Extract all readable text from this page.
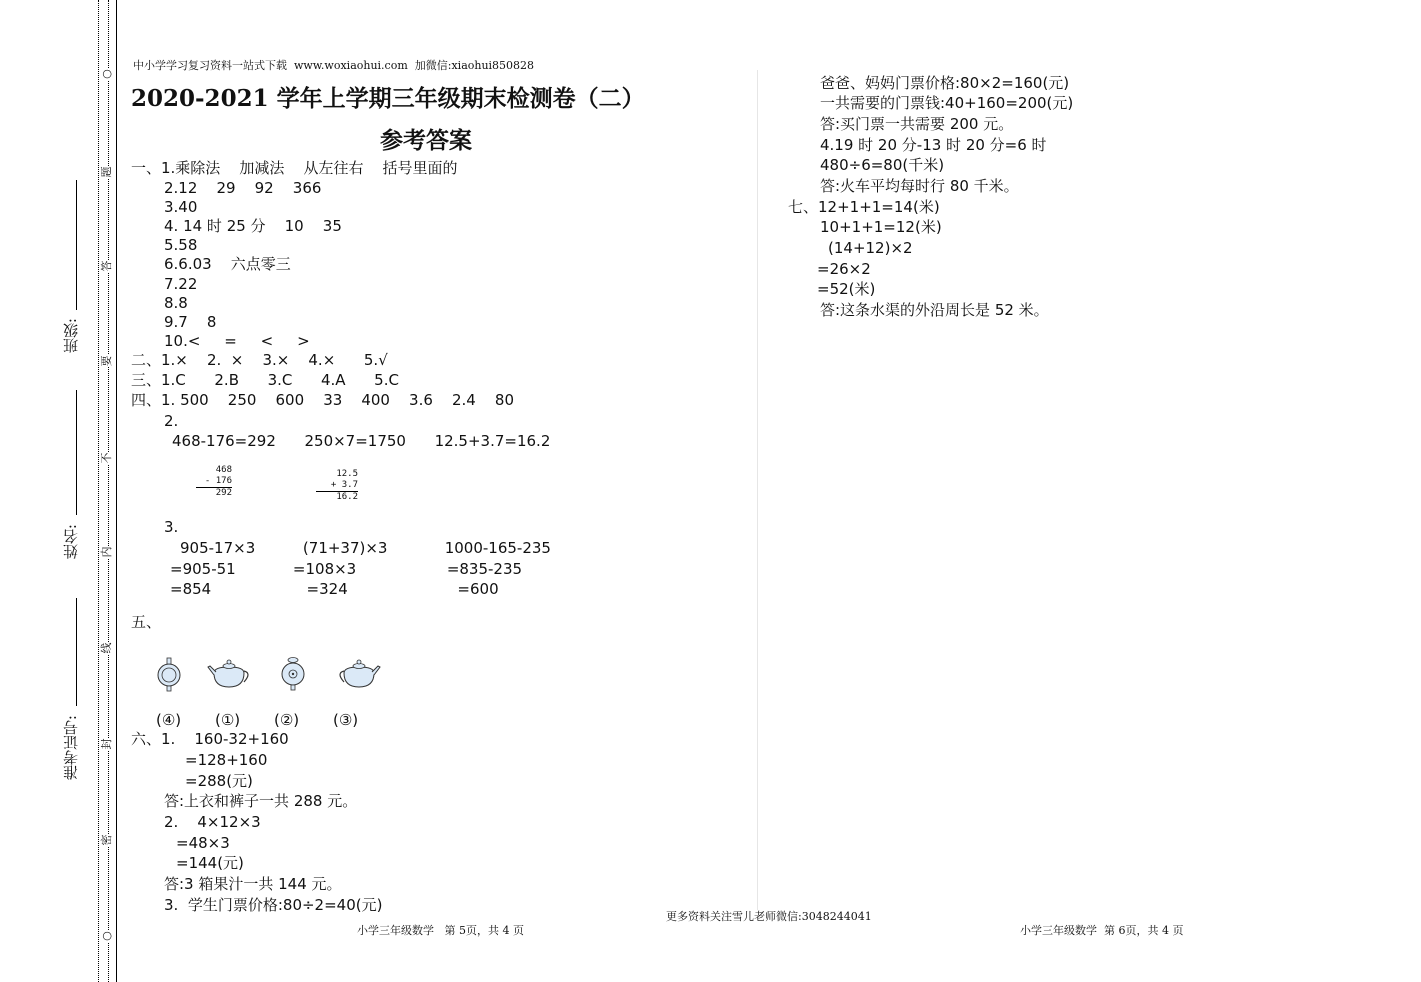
班级:
姓名:
准考证号:
○
题
答
要
不
内
线
封
密
○
中小学学习复习资料一站式下载  www.woxiaohui.com  加微信:xiaohui850828
2020-2021 学年上学期三年级期末检测卷（二）
参考答案
一、1.乘除法    加减法    从左往右    括号里面的
2.12    29    92    366
3.40
4. 14 时 25 分    10    35
5.58
6.6.03    六点零三
7.22
8.8
9.7    8
10.<     =     <     >
二、1.×    2.  ×    3.×    4.×      5.√
三、1.C      2.B      3.C      4.A      5.C
四、1. 500    250    600    33    400    3.6    2.4    80
2.
468-176=292      250×7=1750      12.5+3.7=16.2
468
- 176
292
12.5
+ 3.7
16.2
3.
905-17×3          (71+37)×3            1000-165-235
=905-51            =108×3                   =835-235
=854                    =324                       =600
五、
(④) (①) (②) (③)
六、1.    160-32+160
=128+160
=288(元)
答:上衣和裤子一共 288 元。
2.    4×12×3
=48×3
=144(元)
答:3 箱果汁一共 144 元。
3.  学生门票价格:80÷2=40(元)
爸爸、妈妈门票价格:80×2=160(元)
一共需要的门票钱:40+160=200(元)
答:买门票一共需要 200 元。
4.19 时 20 分-13 时 20 分=6 时
480÷6=80(千米)
答:火车平均每时行 80 千米。
七、12+1+1=14(米)
10+1+1=12(米)
(14+12)×2
=26×2
=52(米)
答:这条水渠的外沿周长是 52 米。
更多资料关注雪儿老师微信:3048244041
小学三年级数学   第 5页，共 4 页	小学三年级数学  第 6页，共 4 页
